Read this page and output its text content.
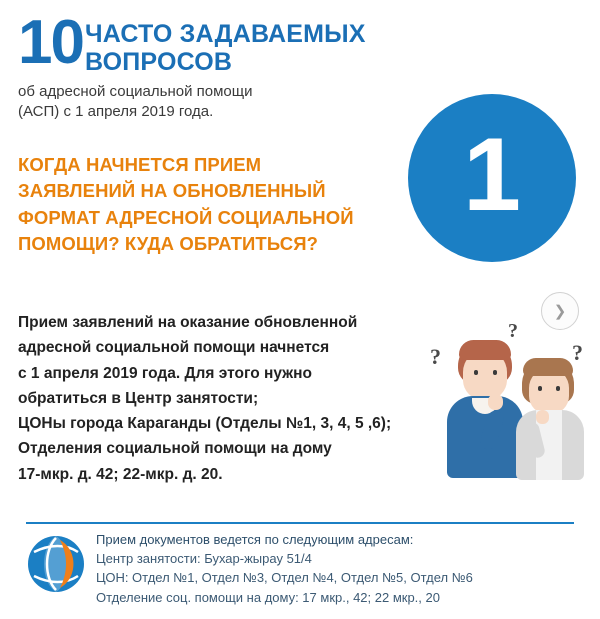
10 ЧАСТО ЗАДАВАЕМЫХ
ВОПРОСОВ
об адресной социальной помощи
(АСП) с 1 апреля 2019 года.
1
КОГДА НАЧНЕТСЯ ПРИЕМ
ЗАЯВЛЕНИЙ НА ОБНОВЛЕННЫЙ
ФОРМАТ АДРЕСНОЙ СОЦИАЛЬНОЙ
ПОМОЩИ? КУДА ОБРАТИТЬСЯ?
Прием заявлений на оказание обновленной
адресной социальной помощи начнется
с 1 апреля 2019 года. Для этого нужно
обратиться в Центр занятости;
ЦОНы города Караганды (Отделы №1, 3, 4, 5 ,6);
Отделения социальной помощи на дому
17-мкр. д. 42; 22-мкр. д. 20.
❯
?
?
?
Прием документов ведется по следующим адресам:
Центр занятости: Бухар-жырау 51/4
ЦОН: Отдел №1, Отдел №3, Отдел №4, Отдел №5, Отдел №6
Отделение соц. помощи на дому: 17 мкр., 42; 22 мкр., 20
